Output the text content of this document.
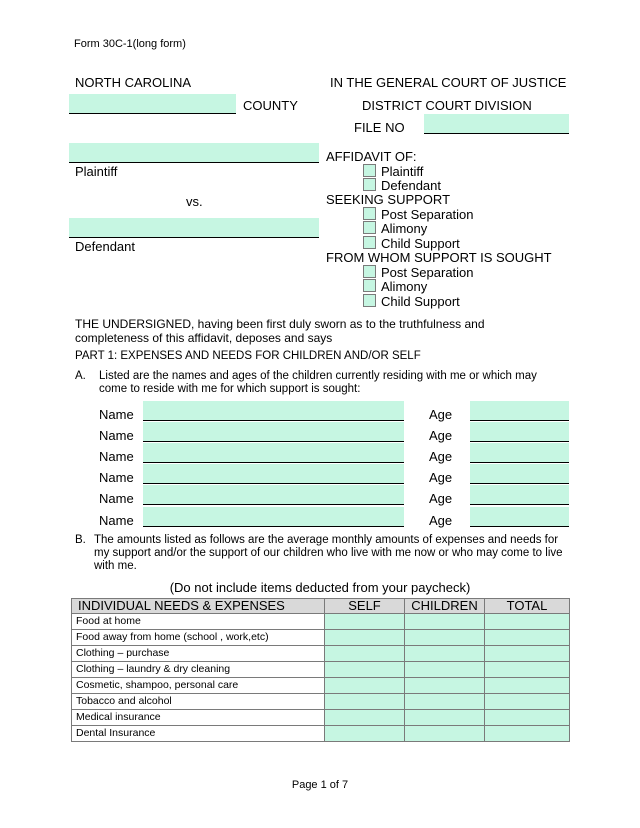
Form 30C-1(long form)
NORTH CAROLINA	IN THE GENERAL COURT OF JUSTICE
COUNTY	DISTRICT COURT DIVISION
FILE NO
Plaintiff
vs.
Defendant
AFFIDAVIT OF:
Plaintiff
Defendant
SEEKING SUPPORT
Post Separation
Alimony
Child Support
FROM WHOM SUPPORT IS SOUGHT
Post Separation
Alimony
Child Support
THE UNDERSIGNED, having been first duly sworn as to the truthfulness and
completeness of this affidavit, deposes and says
PART 1: EXPENSES AND NEEDS FOR CHILDREN AND/OR SELF
A. Listed are the names and ages of the children currently residing with me or which may
come to reside with me for which support is sought:
Name	Age
Name	Age
Name	Age
Name	Age
Name	Age
Name	Age
B. The amounts listed as follows are the average monthly amounts of expenses and needs for
my support and/or the support of our children who live with me now or who may come to live
with me.
(Do not include items deducted from your paycheck)
INDIVIDUAL NEEDS & EXPENSES	SELF	CHILDREN	TOTAL
Food at home			
Food away from home (school , work,etc)			
Clothing – purchase			
Clothing – laundry & dry cleaning			
Cosmetic, shampoo, personal care			
Tobacco and alcohol			
Medical insurance			
Dental Insurance			
Page 1 of 7
